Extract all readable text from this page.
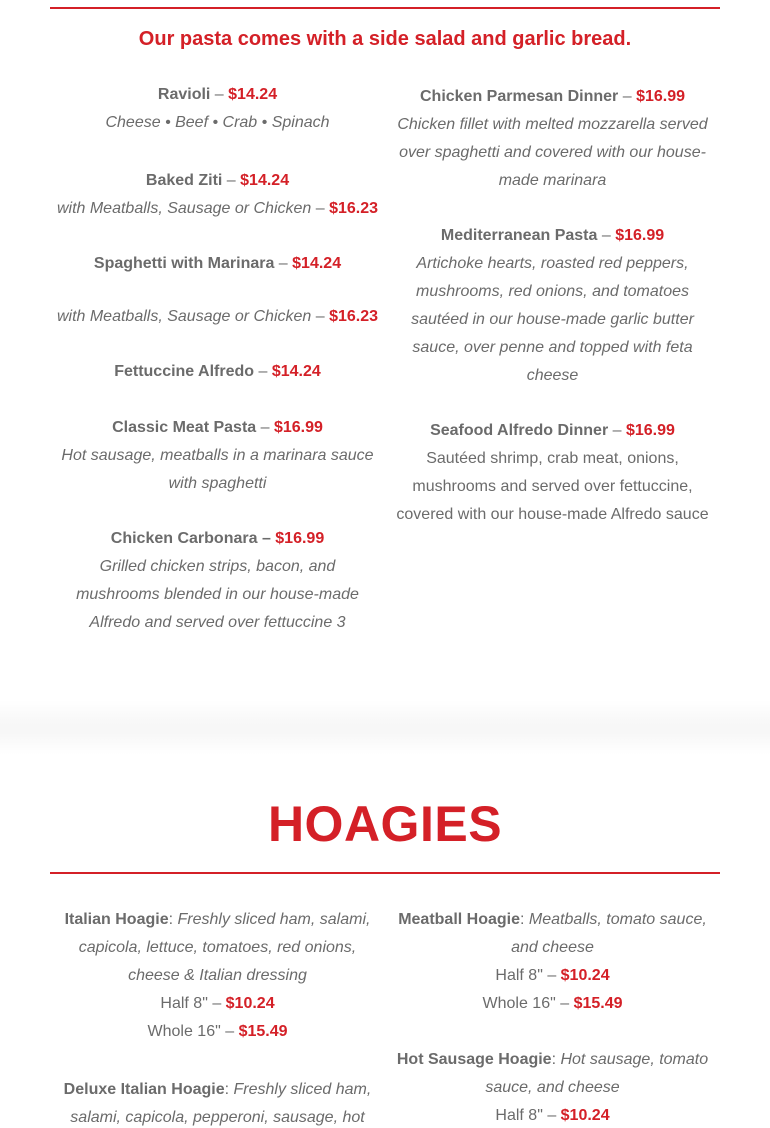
Our pasta comes with a side salad and garlic bread.
Ravioli – $14.24
Cheese • Beef • Crab • Spinach
Baked Ziti – $14.24
with Meatballs, Sausage or Chicken – $16.23
Spaghetti with Marinara – $14.24
with Meatballs, Sausage or Chicken – $16.23
Fettuccine Alfredo – $14.24
Classic Meat Pasta – $16.99
Hot sausage, meatballs in a marinara sauce
with spaghetti
Chicken Carbonara – $16.99
Grilled chicken strips, bacon, and
mushrooms blended in our house-made
Alfredo and served over fettuccine 3
Chicken Parmesan Dinner – $16.99
Chicken fillet with melted mozzarella served
over spaghetti and covered with our house-
made marinara
Mediterranean Pasta – $16.99
Artichoke hearts, roasted red peppers,
mushrooms, red onions, and tomatoes
sautéed in our house-made garlic butter
sauce, over penne and topped with feta
cheese
Seafood Alfredo Dinner – $16.99
Sautéed shrimp, crab meat, onions,
mushrooms and served over fettuccine,
covered with our house-made Alfredo sauce
HOAGIES
Italian Hoagie: Freshly sliced ham, salami,
capicola, lettuce, tomatoes, red onions,
cheese & Italian dressing
Half 8" – $10.24
Whole 16" – $15.49
Deluxe Italian Hoagie: Freshly sliced ham,
salami, capicola, pepperoni, sausage, hot
Meatball Hoagie: Meatballs, tomato sauce,
and cheese
Half 8" – $10.24
Whole 16" – $15.49
Hot Sausage Hoagie: Hot sausage, tomato
sauce, and cheese
Half 8" – $10.24
